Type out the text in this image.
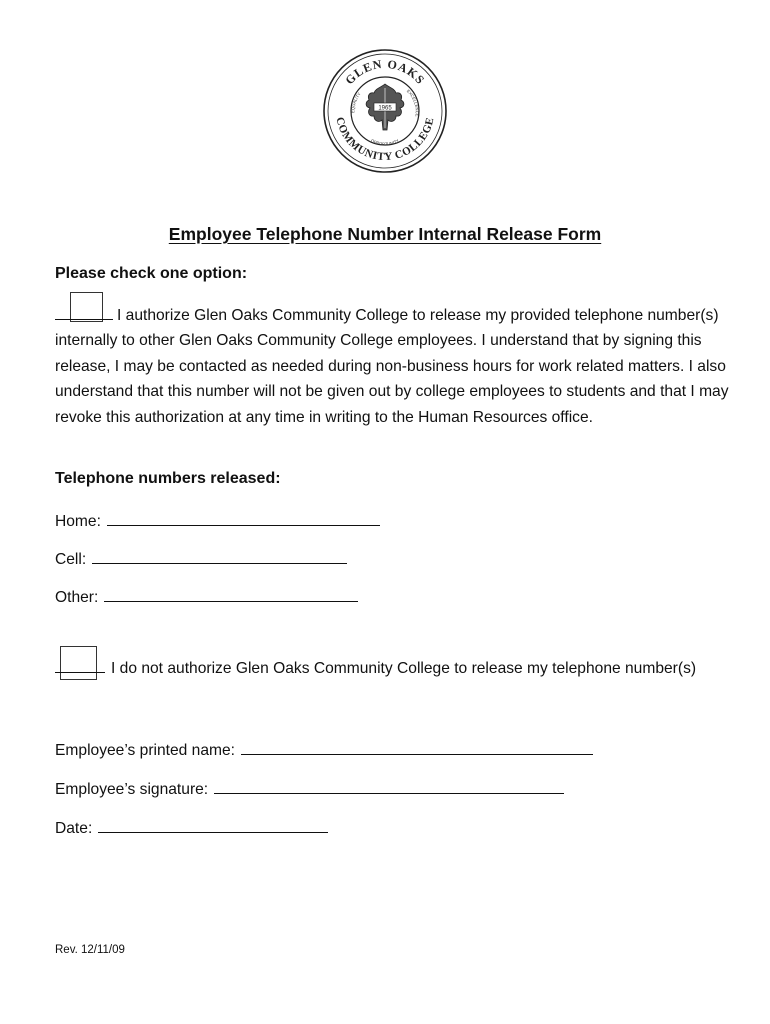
GLEN OAKS
COMMUNITY COLLEGE
EQUALITY	EXCELLENCE
OPPORTUNITY
1965
Employee Telephone Number Internal Release Form
Please check one option:

I authorize Glen Oaks Community College to release my provided telephone number(s) internally to other Glen Oaks Community College employees. I understand that by signing this release, I may be contacted as needed during non-business hours for work related matters. I also understand that this number will not be given out by college employees to students and that I may revoke this authorization at any time in writing to the Human Resources office.

Telephone numbers released:
Home:
Cell:
Other:
I do not authorize Glen Oaks Community College to release my telephone number(s)
Employee’s printed name:
Employee’s signature:
Date:
Rev. 12/11/09
